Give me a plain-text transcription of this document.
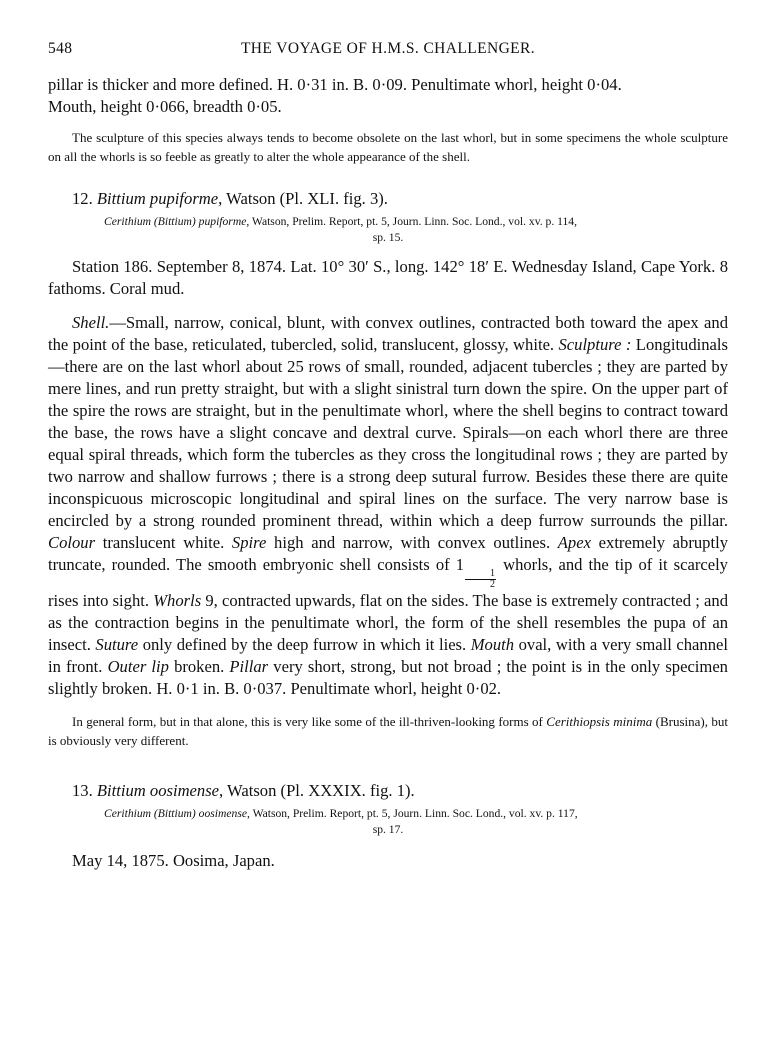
548	THE VOYAGE OF H.M.S. CHALLENGER.

pillar is thicker and more defined. H. 0·31 in. B. 0·09. Penultimate whorl, height 0·04.
Mouth, height 0·066, breadth 0·05.

The sculpture of this species always tends to become obsolete on the last whorl, but in some specimens the whole sculpture on all the whorls is so feeble as greatly to alter the whole appearance of the shell.

12. Bittium pupiforme, Watson (Pl. XLI. fig. 3).

Cerithium (Bittium) pupiforme, Watson, Prelim. Report, pt. 5, Journ. Linn. Soc. Lond., vol. xv. p. 114,

sp. 15.

Station 186. September 8, 1874. Lat. 10° 30′ S., long. 142° 18′ E. Wednesday Island, Cape York. 8 fathoms. Coral mud.

Shell.—Small, narrow, conical, blunt, with convex outlines, contracted both toward the apex and the point of the base, reticulated, tubercled, solid, translucent, glossy, white. Sculpture : Longitudinals—there are on the last whorl about 25 rows of small, rounded, adjacent tubercles ; they are parted by mere lines, and run pretty straight, but with a slight sinistral turn down the spire. On the upper part of the spire the rows are straight, but in the penultimate whorl, where the shell begins to contract toward the base, the rows have a slight concave and dextral curve. Spirals—on each whorl there are three equal spiral threads, which form the tubercles as they cross the longitudinal rows ; they are parted by two narrow and shallow furrows ; there is a strong deep sutural furrow. Besides these there are quite inconspicuous microscopic longitudinal and spiral lines on the surface. The very narrow base is encircled by a strong rounded prominent thread, within which a deep furrow surrounds the pillar. Colour translucent white. Spire high and narrow, with convex outlines. Apex extremely abruptly truncate, rounded. The smooth embryonic shell consists of 1
$\frac{1}{2}$
whorls, and the tip of it scarcely rises into sight. Whorls 9, contracted upwards, flat on the sides. The base is extremely contracted ; and as the contraction begins in the penultimate whorl, the form of the shell resembles the pupa of an insect. Suture only defined by the deep furrow in which it lies. Mouth oval, with a very small channel in front. Outer lip broken. Pillar very short, strong, but not broad ; the point is in the only specimen slightly broken. H. 0·1 in. B. 0·037. Penultimate whorl, height 0·02.

In general form, but in that alone, this is very like some of the ill-thriven-looking forms of Cerithiopsis minima (Brusina), but is obviously very different.

13. Bittium oosimense, Watson (Pl. XXXIX. fig. 1).

Cerithium (Bittium) oosimense, Watson, Prelim. Report, pt. 5, Journ. Linn. Soc. Lond., vol. xv. p. 117,

sp. 17.

May 14, 1875. Oosima, Japan.
